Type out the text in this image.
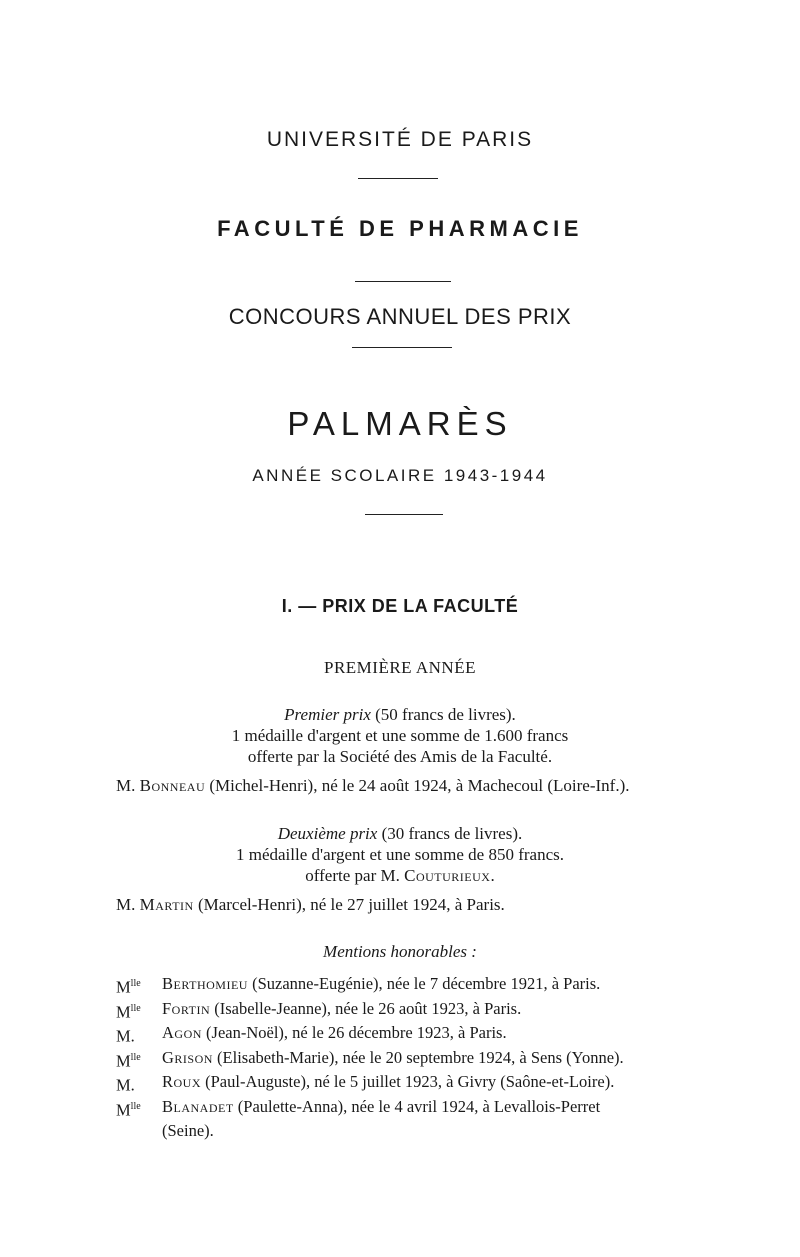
UNIVERSITÉ DE PARIS
FACULTÉ DE PHARMACIE
CONCOURS ANNUEL DES PRIX
PALMARÈS
ANNÉE SCOLAIRE 1943-1944
I. — PRIX DE LA FACULTÉ
PREMIÈRE ANNÉE
Premier prix (50 francs de livres).
1 médaille d'argent et une somme de 1.600 francs
offerte par la Société des Amis de la Faculté.
M. Bonneau (Michel-Henri), né le 24 août 1924, à Machecoul (Loire-Inf.).
Deuxième prix (30 francs de livres).
1 médaille d'argent et une somme de 850 francs.
offerte par M. Couturieux.
M. Martin (Marcel-Henri), né le 27 juillet 1924, à Paris.
Mentions honorables :
$M^{lle}$	Berthomieu (Suzanne-Eugénie), née le 7 décembre 1921, à Paris.
$M^{lle}$	Fortin (Isabelle-Jeanne), née le 26 août 1923, à Paris.
M.	Agon (Jean-Noël), né le 26 décembre 1923, à Paris.
$M^{lle}$	Grison (Elisabeth-Marie), née le 20 septembre 1924, à Sens (Yonne).
M.	Roux (Paul-Auguste), né le 5 juillet 1923, à Givry (Saône-et-Loire).
$M^{lle}$	Blanadet (Paulette-Anna), née le 4 avril 1924, à Levallois-Perret
(Seine).
